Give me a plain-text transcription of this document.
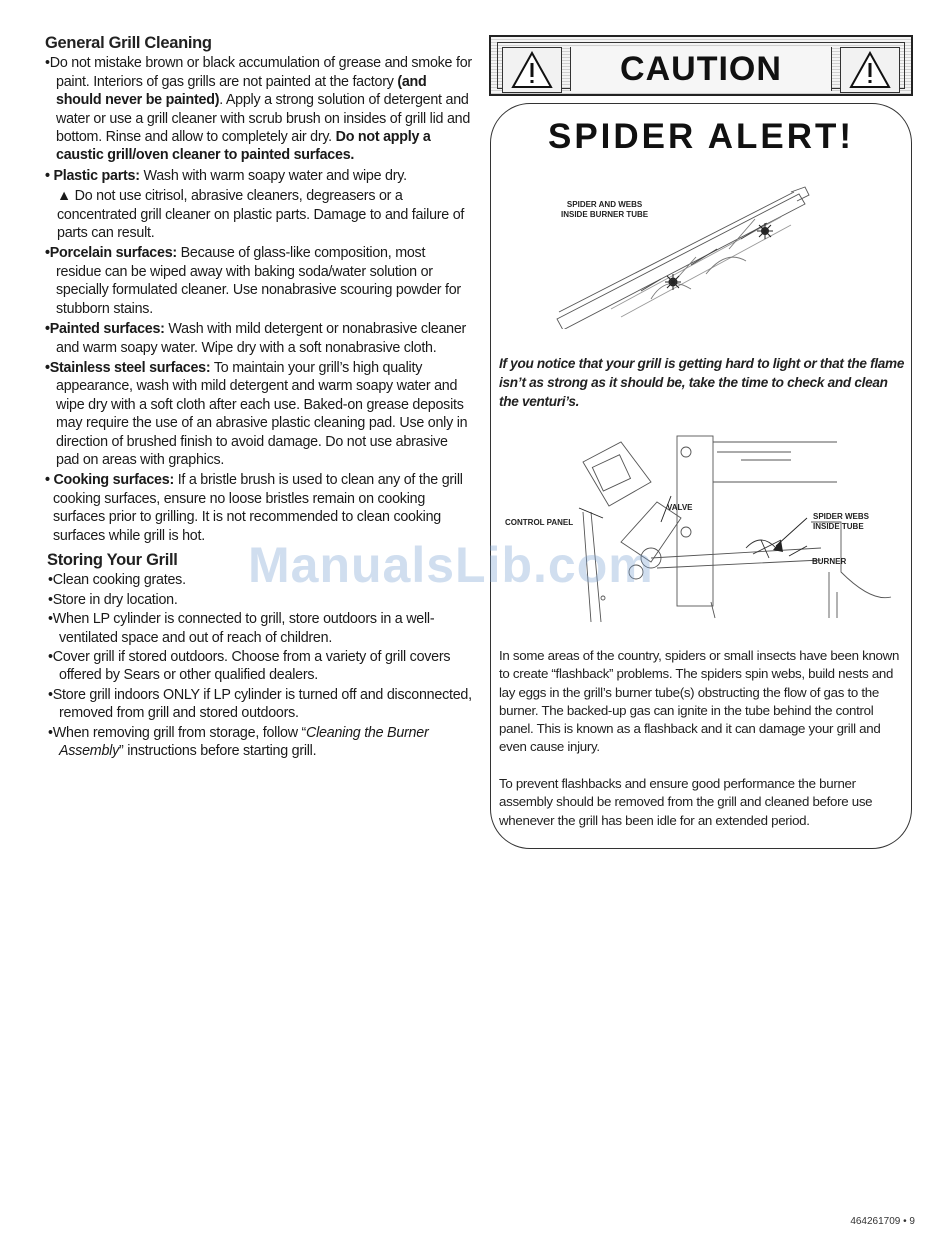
General Grill Cleaning

•Do not mistake brown or black accumulation of grease and smoke for paint. Interiors of gas grills are not painted at the factory (and should never be painted). Apply a strong solution of detergent and water or use a grill cleaner with scrub brush on insides of grill lid and bottom. Rinse and allow to completely air dry. Do not apply a caustic grill/oven cleaner to painted surfaces.

• Plastic parts: Wash with warm soapy water and wipe dry.

▲ Do not use citrisol, abrasive cleaners, degreasers or a concentrated grill cleaner on plastic parts. Damage to and failure of parts can result.

•Porcelain surfaces: Because of glass-like composition, most residue can be wiped away with baking soda/water solution or specially formulated cleaner. Use nonabrasive scouring powder for stubborn stains.

•Painted surfaces: Wash with mild detergent or nonabrasive cleaner and warm soapy water. Wipe dry with a soft nonabrasive cloth.

•Stainless steel surfaces: To maintain your grill’s high quality appearance, wash with mild detergent and warm soapy water and wipe dry with a soft cloth after each use. Baked-on grease deposits may require the use of an abrasive plastic cleaning pad. Use only in direction of brushed finish to avoid damage. Do not use abrasive pad on areas with graphics.

• Cooking surfaces: If a bristle brush is used to clean any of the grill cooking surfaces, ensure no loose bristles remain on cooking surfaces prior to grilling. It is not recommended to clean cooking surfaces while grill is hot.

Storing Your Grill

•Clean cooking grates.

•Store in dry location.

•When LP cylinder is connected to grill, store outdoors in a well-ventilated space and out of reach of children.

•Cover grill if stored outdoors. Choose from a variety of grill covers offered by Sears or other qualified dealers.

•Store grill indoors ONLY if LP cylinder is turned off and disconnected, removed from grill and stored outdoors.

•When removing grill from storage, follow “Cleaning the Burner Assembly” instructions before starting grill.

CAUTION
SPIDER ALERT!
SPIDER AND WEBS
INSIDE BURNER TUBE
If you notice that your grill is getting hard to light or that the flame isn’t as strong as it should be, take the time to check and clean the venturi’s.
VALVE
CONTROL PANEL
SPIDER WEBS
INSIDE TUBE
BURNER
In some areas of the country, spiders or small insects have been known to create “flashback” problems. The spiders spin webs, build nests and lay eggs in the grill’s burner tube(s) obstructing the flow of gas to the burner. The backed-up gas can ignite in the tube behind the control panel. This is known as a flashback and it can damage your grill and even cause injury.
To prevent flashbacks and ensure good performance the burner assembly should be removed from the grill and cleaned before use whenever the grill has been idle for an extended period.
ManualsLib.com
464261709 • 9
